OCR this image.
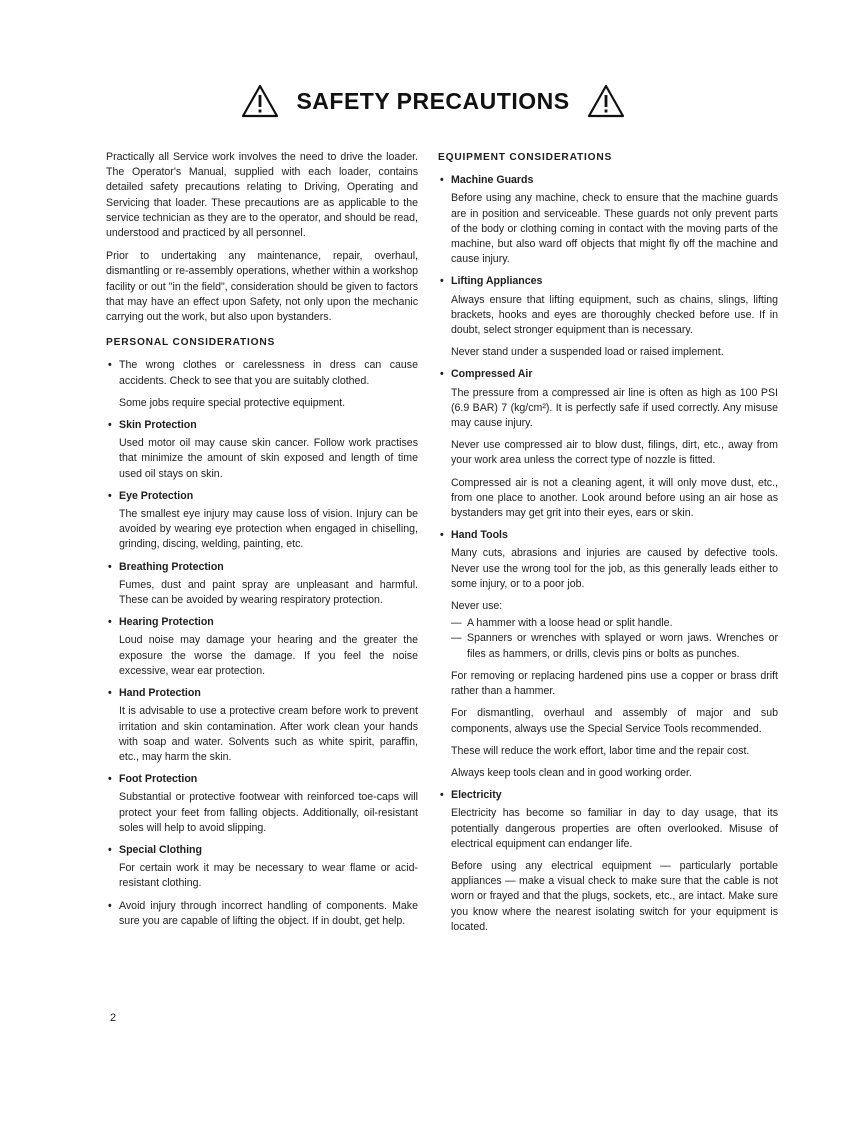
SAFETY PRECAUTIONS

Practically all Service work involves the need to drive the loader. The Operator's Manual, supplied with each loader, contains detailed safety precautions relating to Driving, Operating and Servicing that loader. These precautions are as applicable to the service technician as they are to the operator, and should be read, understood and practiced by all personnel.

Prior to undertaking any maintenance, repair, overhaul, dismantling or re-assembly operations, whether within a workshop facility or out "in the field", consideration should be given to factors that may have an effect upon Safety, not only upon the mechanic carrying out the work, but also upon bystanders.

PERSONAL CONSIDERATIONS
• The wrong clothes or carelessness in dress can cause accidents. Check to see that you are suitably clothed.

Some jobs require special protective equipment.

• Skin Protection

Used motor oil may cause skin cancer. Follow work practises that minimize the amount of skin exposed and length of time used oil stays on skin.

• Eye Protection

The smallest eye injury may cause loss of vision. Injury can be avoided by wearing eye protection when engaged in chiselling, grinding, discing, welding, painting, etc.

• Breathing Protection

Fumes, dust and paint spray are unpleasant and harmful. These can be avoided by wearing respiratory protection.

• Hearing Protection

Loud noise may damage your hearing and the greater the exposure the worse the damage. If you feel the noise excessive, wear ear protection.

• Hand Protection

It is advisable to use a protective cream before work to prevent irritation and skin contamination. After work clean your hands with soap and water. Solvents such as white spirit, paraffin, etc., may harm the skin.

• Foot Protection

Substantial or protective footwear with reinforced toe-caps will protect your feet from falling objects. Additionally, oil-resistant soles will help to avoid slipping.

• Special Clothing

For certain work it may be necessary to wear flame or acid-resistant clothing.

• Avoid injury through incorrect handling of components. Make sure you are capable of lifting the object. If in doubt, get help.

EQUIPMENT CONSIDERATIONS
• Machine Guards

Before using any machine, check to ensure that the machine guards are in position and serviceable. These guards not only prevent parts of the body or clothing coming in contact with the moving parts of the machine, but also ward off objects that might fly off the machine and cause injury.

• Lifting Appliances

Always ensure that lifting equipment, such as chains, slings, lifting brackets, hooks and eyes are thoroughly checked before use. If in doubt, select stronger equipment than is necessary.

Never stand under a suspended load or raised implement.

• Compressed Air

The pressure from a compressed air line is often as high as 100 PSI (6.9 BAR) 7 (kg/cm²). It is perfectly safe if used correctly. Any misuse may cause injury.

Never use compressed air to blow dust, filings, dirt, etc., away from your work area unless the correct type of nozzle is fitted.

Compressed air is not a cleaning agent, it will only move dust, etc., from one place to another. Look around before using an air hose as bystanders may get grit into their eyes, ears or skin.

• Hand Tools

Many cuts, abrasions and injuries are caused by defective tools. Never use the wrong tool for the job, as this generally leads either to some injury, or to a poor job.

Never use:

— A hammer with a loose head or split handle.
— Spanners or wrenches with splayed or worn jaws. Wrenches or files as hammers, or drills, clevis pins or bolts as punches.

For removing or replacing hardened pins use a copper or brass drift rather than a hammer.

For dismantling, overhaul and assembly of major and sub components, always use the Special Service Tools recommended.

These will reduce the work effort, labor time and the repair cost.

Always keep tools clean and in good working order.

• Electricity

Electricity has become so familiar in day to day usage, that its potentially dangerous properties are often overlooked. Misuse of electrical equipment can endanger life.

Before using any electrical equipment — particularly portable appliances — make a visual check to make sure that the cable is not worn or frayed and that the plugs, sockets, etc., are intact. Make sure you know where the nearest isolating switch for your equipment is located.

2
